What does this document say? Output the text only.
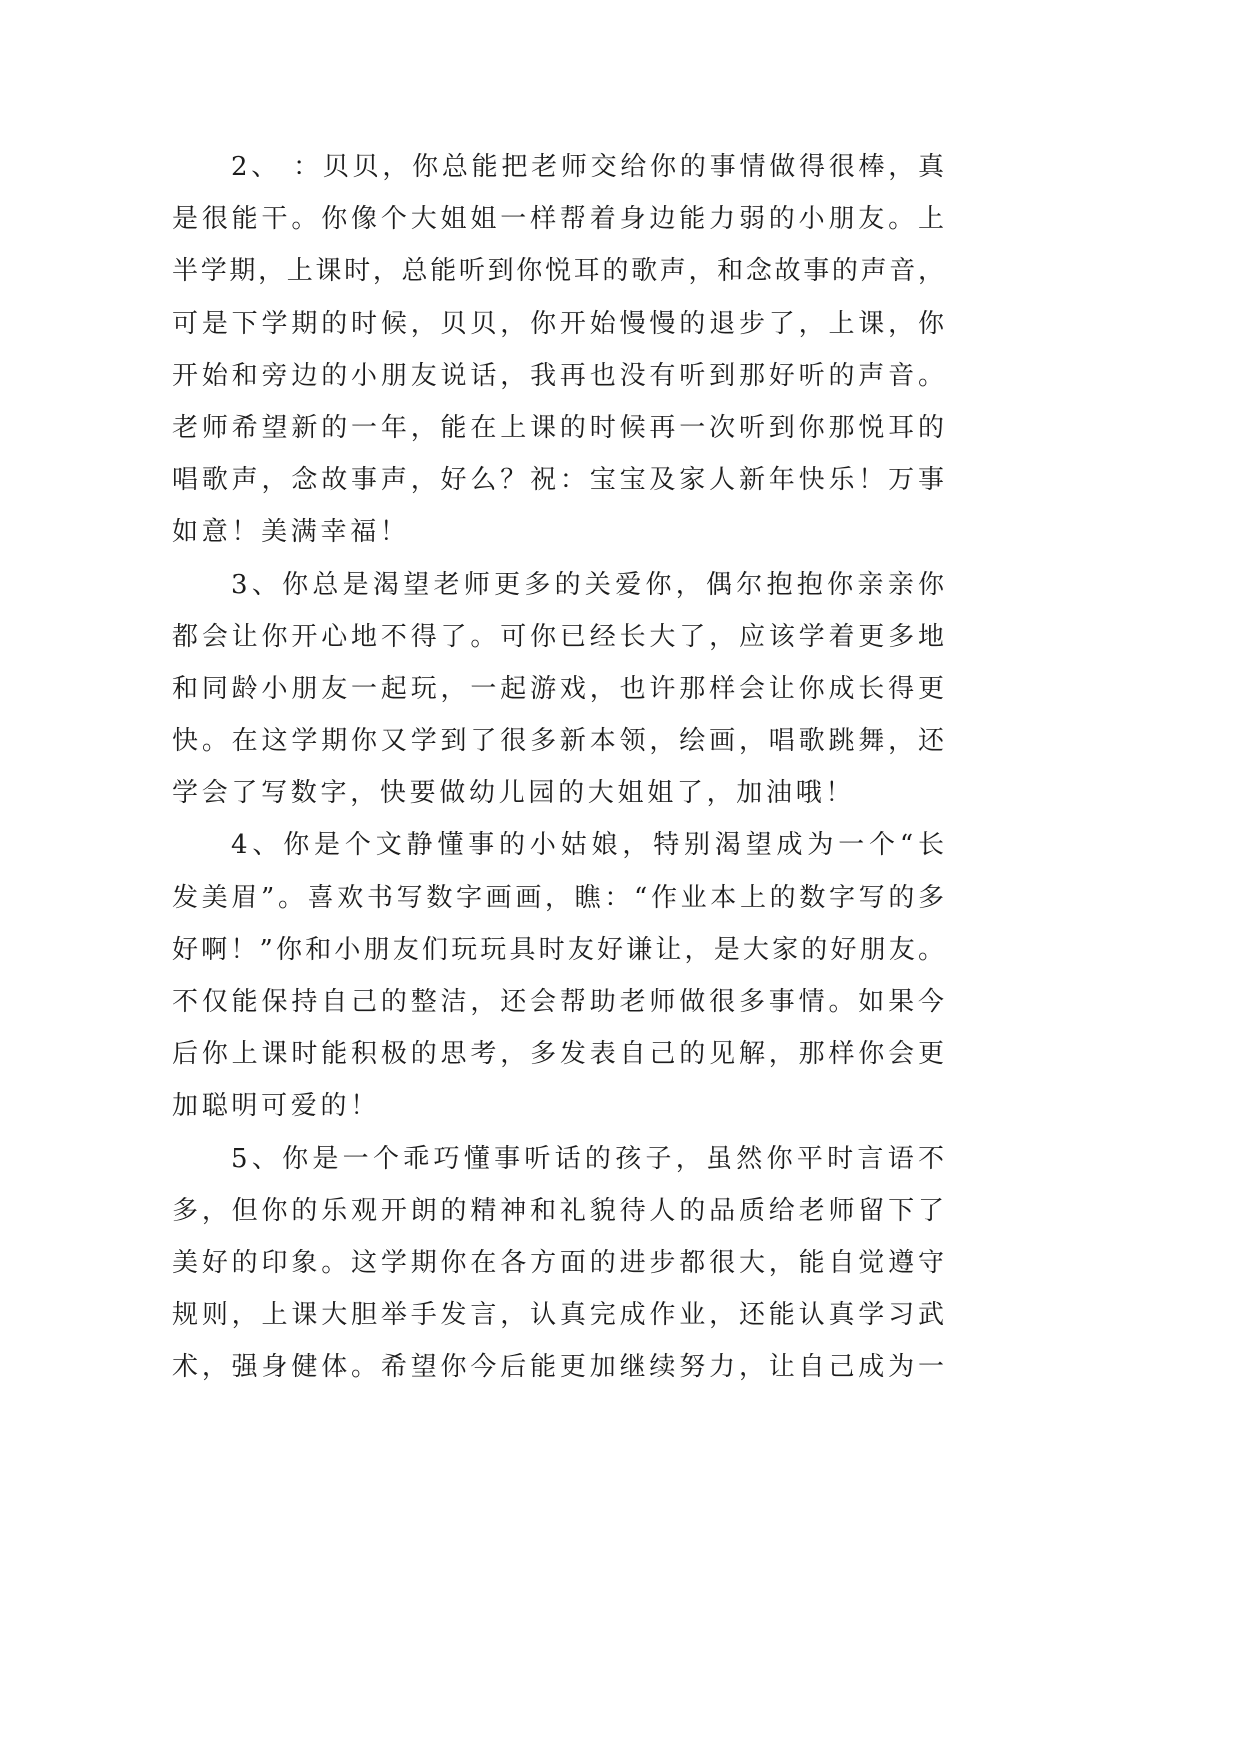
2、 ：贝贝，你总能把老师交给你的事情做得很棒，真
是很能干。你像个大姐姐一样帮着身边能力弱的小朋友。上
半学期，上课时，总能听到你悦耳的歌声，和念故事的声音，
可是下学期的时候，贝贝，你开始慢慢的退步了，上课，你
开始和旁边的小朋友说话，我再也没有听到那好听的声音。
老师希望新的一年，能在上课的时候再一次听到你那悦耳的
唱歌声，念故事声，好么？祝：宝宝及家人新年快乐！万事
如意！美满幸福！
3、你总是渴望老师更多的关爱你，偶尔抱抱你亲亲你
都会让你开心地不得了。可你已经长大了，应该学着更多地
和同龄小朋友一起玩，一起游戏，也许那样会让你成长得更
快。在这学期你又学到了很多新本领，绘画，唱歌跳舞，还
学会了写数字，快要做幼儿园的大姐姐了，加油哦！
4、你是个文静懂事的小姑娘，特别渴望成为一个“长
发美眉”。喜欢书写数字画画，瞧：“作业本上的数字写的多
好啊！”你和小朋友们玩玩具时友好谦让，是大家的好朋友。
不仅能保持自己的整洁，还会帮助老师做很多事情。如果今
后你上课时能积极的思考，多发表自己的见解，那样你会更
加聪明可爱的！
5、你是一个乖巧懂事听话的孩子，虽然你平时言语不
多，但你的乐观开朗的精神和礼貌待人的品质给老师留下了
美好的印象。这学期你在各方面的进步都很大，能自觉遵守
规则，上课大胆举手发言，认真完成作业，还能认真学习武
术，强身健体。希望你今后能更加继续努力，让自己成为一
